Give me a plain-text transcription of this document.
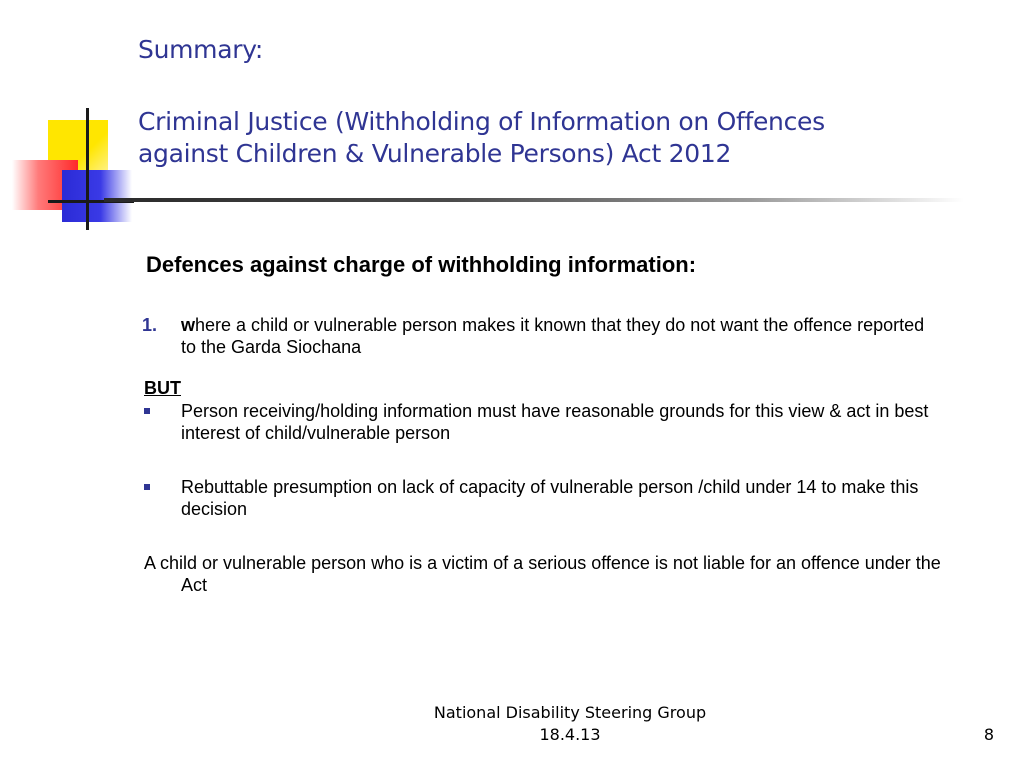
Summary:
Criminal Justice (Withholding of Information on Offences
against Children & Vulnerable Persons) Act 2012
Defences against charge of withholding information:
1. where a child or vulnerable person makes it known that they do not want the offence reported to the Garda Siochana
BUT
Person receiving/holding information must have reasonable grounds for this view & act in best interest of child/vulnerable person
Rebuttable presumption on lack of capacity of vulnerable person /child under 14 to make this decision
A child or vulnerable person who is a victim of a serious offence is not liable for an offence under the Act
National Disability Steering Group
18.4.13	8
